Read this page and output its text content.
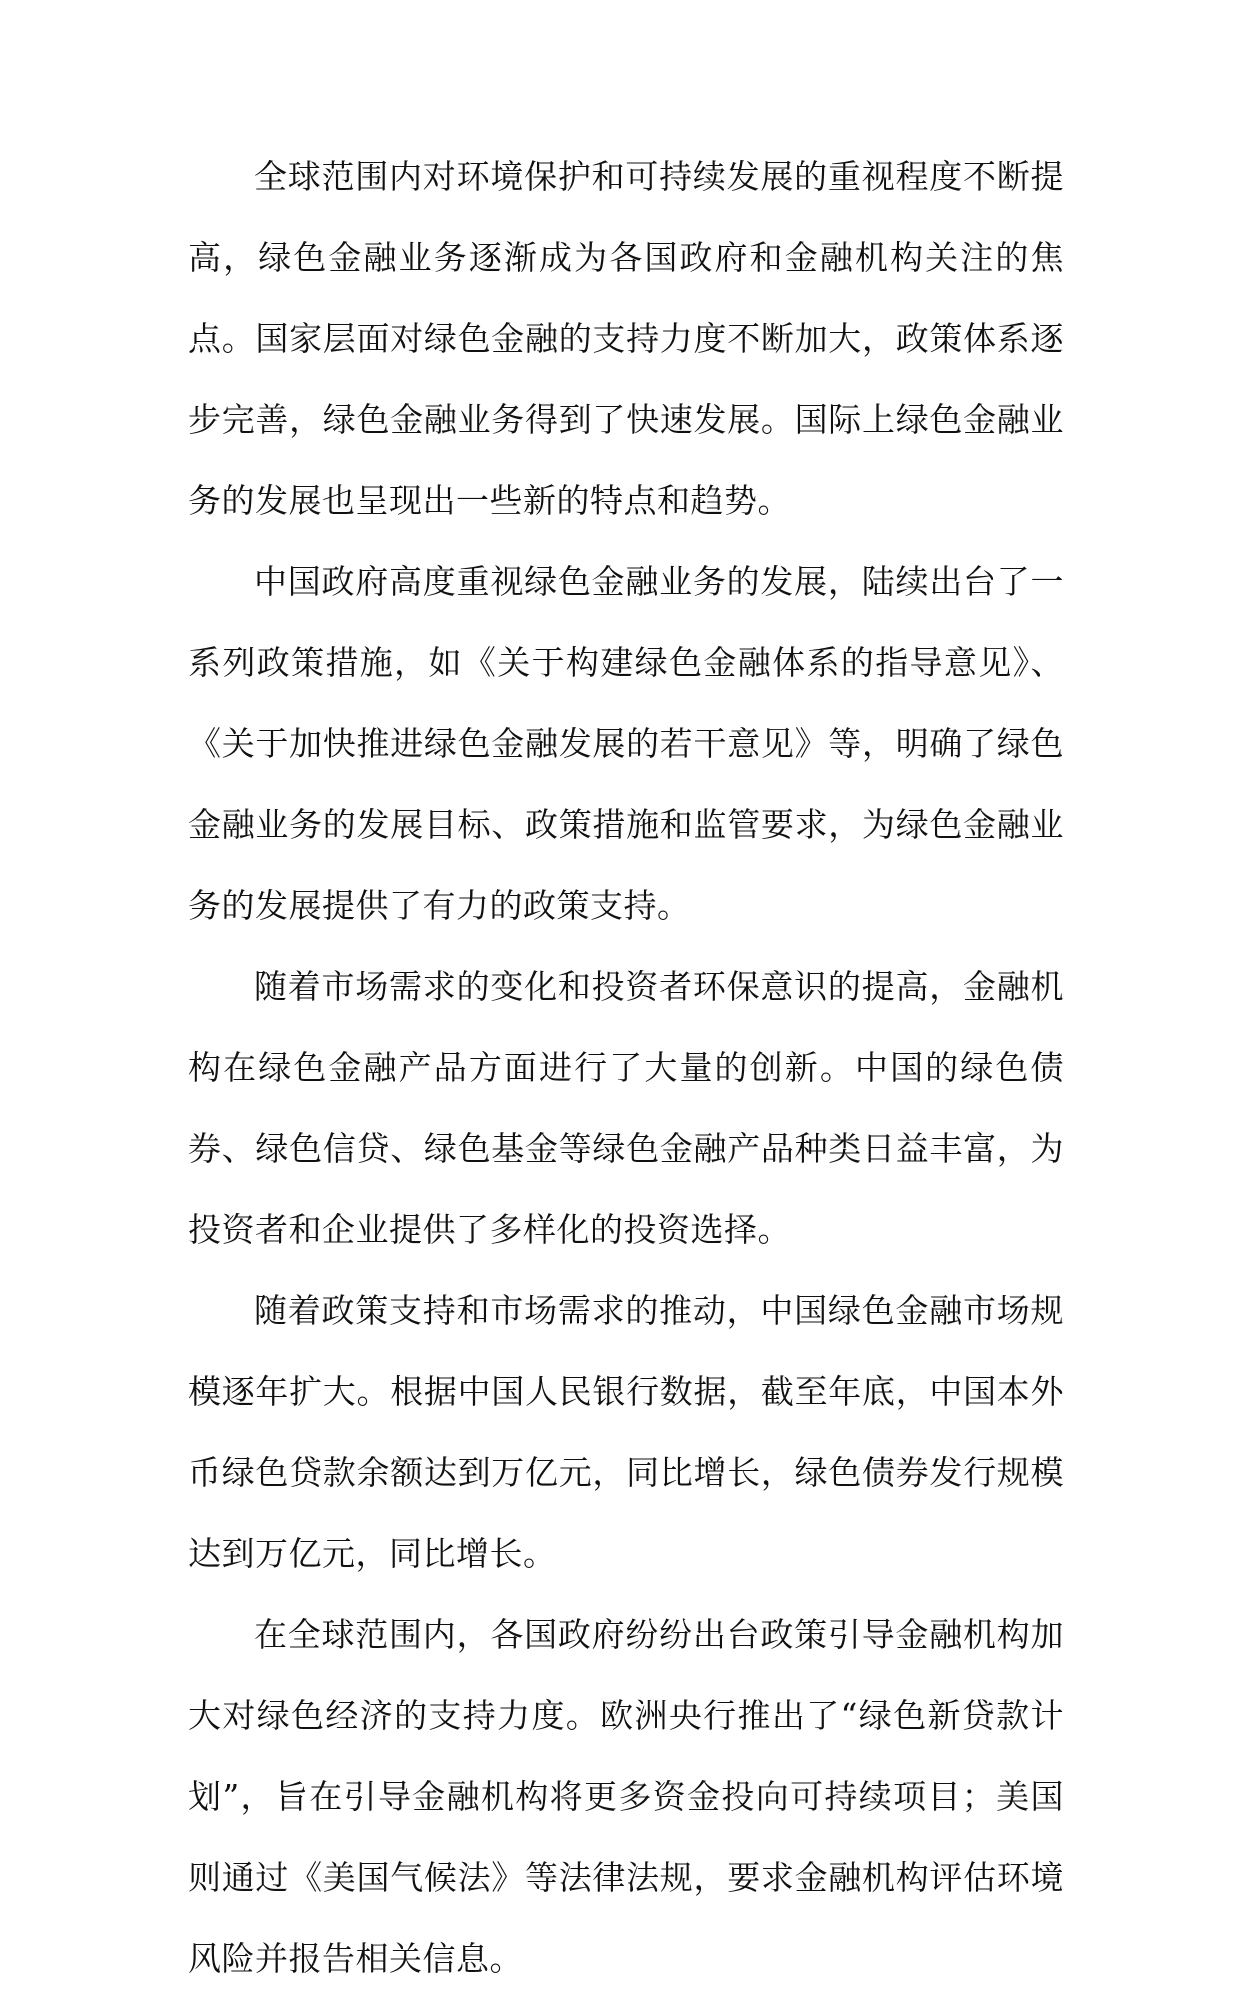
全球范围内对环境保护和可持续发展的重视程度不断提高，绿色金融业务逐渐成为各国政府和金融机构关注的焦点。国家层面对绿色金融的支持力度不断加大，政策体系逐步完善，绿色金融业务得到了快速发展。国际上绿色金融业务的发展也呈现出一些新的特点和趋势。

中国政府高度重视绿色金融业务的发展，陆续出台了一系列政策措施，如《关于构建绿色金融体系的指导意见》、《关于加快推进绿色金融发展的若干意见》等，明确了绿色金融业务的发展目标、政策措施和监管要求，为绿色金融业务的发展提供了有力的政策支持。

随着市场需求的变化和投资者环保意识的提高，金融机构在绿色金融产品方面进行了大量的创新。中国的绿色债券、绿色信贷、绿色基金等绿色金融产品种类日益丰富，为投资者和企业提供了多样化的投资选择。

随着政策支持和市场需求的推动，中国绿色金融市场规模逐年扩大。根据中国人民银行数据，截至年底，中国本外币绿色贷款余额达到万亿元，同比增长，绿色债券发行规模达到万亿元，同比增长。

在全球范围内，各国政府纷纷出台政策引导金融机构加大对绿色经济的支持力度。欧洲央行推出了“绿色新贷款计划”，旨在引导金融机构将更多资金投向可持续项目；美国则通过《美国气候法》等法律法规，要求金融机构评估环境风险并报告相关信息。
